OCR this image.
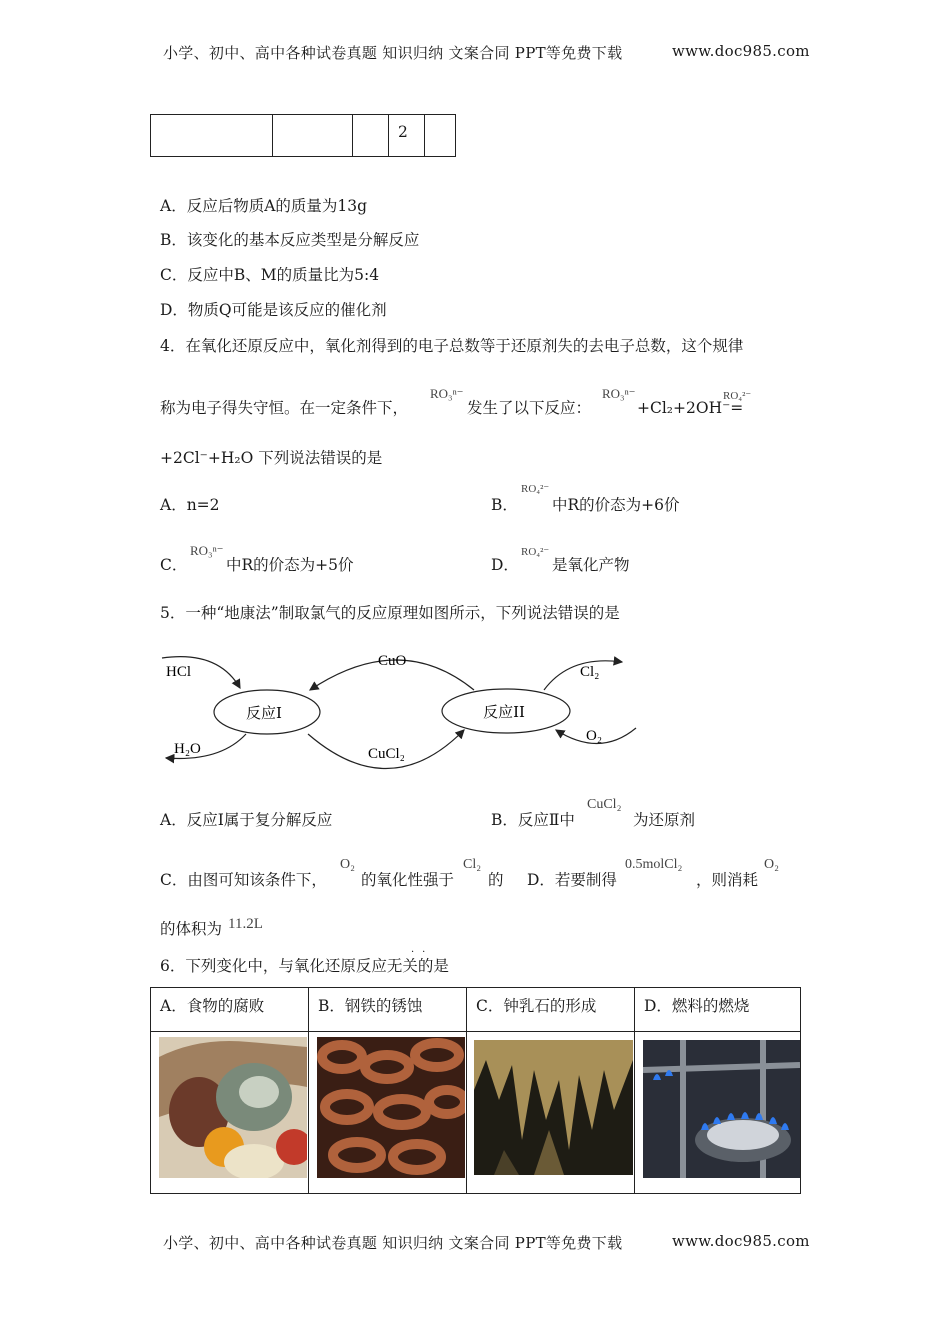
小学、初中、高中各种试卷真题 知识归纳 文案合同 PPT等免费下载	www.doc985.com
2
A．反应后物质A的质量为13g
B．该变化的基本反应类型是分解反应
C．反应中B、M的质量比为5:4
D．物质Q可能是该反应的催化剂
4．在氧化还原反应中，氧化剂得到的电子总数等于还原剂失的去电子总数，这个规律
称为电子得失守恒。在一定条件下，
RO₃ⁿ⁻
发生了以下反应：
RO₃ⁿ⁻
+Cl₂+2OH⁻=
RO₄²⁻
+2Cl⁻+H₂O 下列说法错误的是
A．n=2	B．
RO₄²⁻
中R的价态为+6价
C．
RO₃ⁿ⁻
中R的价态为+5价	D．
RO₄²⁻
是氧化产物
5．一种“地康法”制取氯气的反应原理如图所示，下列说法错误的是
HCl
CuO
Cl₂
H₂O
O₂
CuCl₂
反应I	反应II
A．反应Ⅰ属于复分解反应	B．反应Ⅱ中
CuCl₂
为还原剂
C．由图可知该条件下，
O₂
的氧化性强于
Cl₂
的 D．若要制得
0.5molCl₂
，则消耗
O₂
的体积为 11.2L
··
6．下列变化中，与氧化还原反应无关的是
A．食物的腐败	B．钢铁的锈蚀	C．钟乳石的形成	D．燃料的燃烧
小学、初中、高中各种试卷真题 知识归纳 文案合同 PPT等免费下载	www.doc985.com
